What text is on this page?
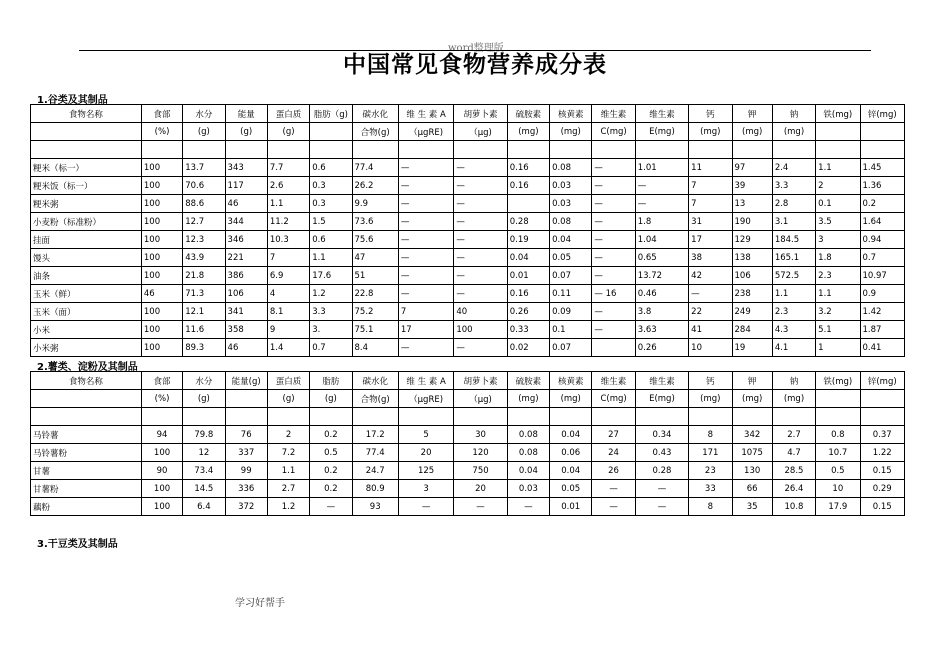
word整理版
中国常见食物营养成分表
1.谷类及其制品
食物名称	食部	水分	能量	蛋白质	脂肪（g)	碳水化	维 生 素 A	胡萝卜素	硫胺素	核黄素	维生素	维生素	钙	钾	钠	铁(mg)	锌(mg)
	(%)	(g)	(g)	(g)		合物(g)	（μgRE)	（μg)	(mg)	(mg)	C(mg)	E(mg)	(mg)	(mg)	(mg)		

粳米（标一）	100	13.7	343	7.7	0.6	77.4	—	—	0.16	0.08	—	1.01	11	97	2.4	1.1	1.45
粳米饭（标一）	100	70.6	117	2.6	0.3	26.2	—	—	0.16	0.03	—	—	7	39	3.3	2	1.36
粳米粥	100	88.6	46	1.1	0.3	9.9	—	—		0.03	—	—	7	13	2.8	0.1	0.2
小麦粉（标准粉）	100	12.7	344	11.2	1.5	73.6	—	—	0.28	0.08	—	1.8	31	190	3.1	3.5	1.64
挂面	100	12.3	346	10.3	0.6	75.6	—	—	0.19	0.04	—	1.04	17	129	184.5	3	0.94
馒头	100	43.9	221	7	1.1	47	—	—	0.04	0.05	—	0.65	38	138	165.1	1.8	0.7
油条	100	21.8	386	6.9	17.6	51	—	—	0.01	0.07	—	13.72	42	106	572.5	2.3	10.97
玉米（鲜）	46	71.3	106	4	1.2	22.8	—	—	0.16	0.11	— 16	0.46	—	238	1.1	1.1	0.9
玉米（面）	100	12.1	341	8.1	3.3	75.2	7	40	0.26	0.09	—	3.8	22	249	2.3	3.2	1.42
小米	100	11.6	358	9	3.	75.1	17	100	0.33	0.1	—	3.63	41	284	4.3	5.1	1.87
小米粥	100	89.3	46	1.4	0.7	8.4	—	—	0.02	0.07		0.26	10	19	4.1	1	0.41
2.薯类、淀粉及其制品
食物名称	食部	水分	能量(g)	蛋白质	脂肪	碳水化	维 生 素 A	胡萝卜素	硫胺素	核黄素	维生素	维生素	钙	钾	钠	铁(mg)	锌(mg)
	(%)	(g)		(g)	(g)	合物(g)	（μgRE)	（μg)	(mg)	(mg)	C(mg)	E(mg)	(mg)	(mg)	(mg)		

马铃薯	94	79.8	76	2	0.2	17.2	5	30	0.08	0.04	27	0.34	8	342	2.7	0.8	0.37
马铃薯粉	100	12	337	7.2	0.5	77.4	20	120	0.08	0.06	24	0.43	171	1075	4.7	10.7	1.22
甘薯	90	73.4	99	1.1	0.2	24.7	125	750	0.04	0.04	26	0.28	23	130	28.5	0.5	0.15
甘薯粉	100	14.5	336	2.7	0.2	80.9	3	20	0.03	0.05	—	—	33	66	26.4	10	0.29
藕粉	100	6.4	372	1.2	—	93	—	—	—	0.01	—	—	8	35	10.8	17.9	0.15
3.干豆类及其制品
学习好帮手
